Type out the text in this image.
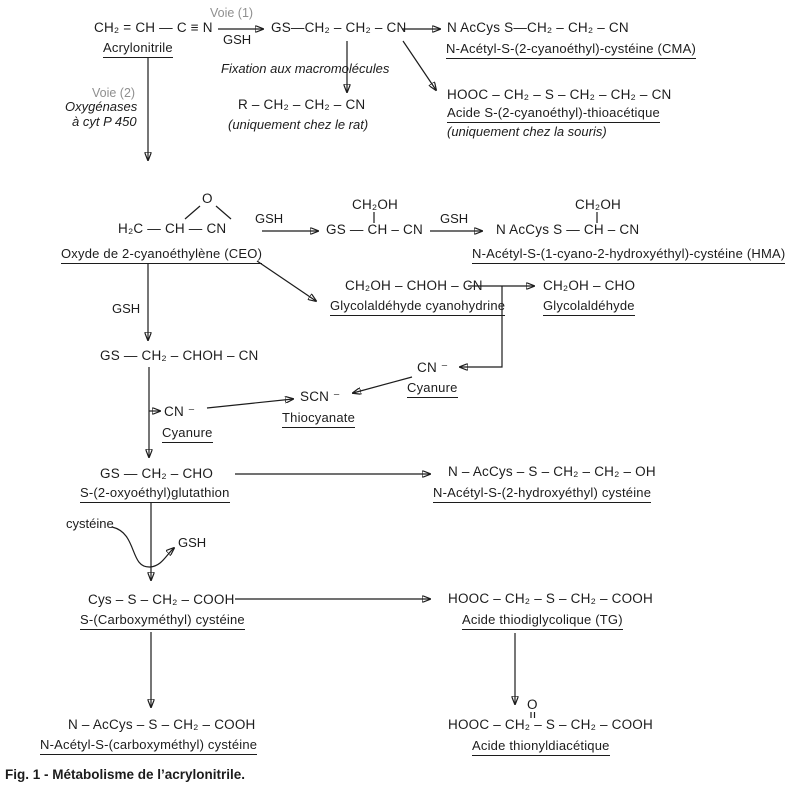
Voie (1)
CH₂ = CH — C ≡ N
GSH
Acrylonitrile
GS—CH₂ – CH₂ – CN	N AcCys S—CH₂ – CH₂ – CN
N-Acétyl-S-(2-cyanoéthyl)-cystéine (CMA)
Fixation aux macromolécules
HOOC – CH₂ – S – CH₂ – CH₂ – CN
Acide S-(2-cyanoéthyl)-thioacétique
(uniquement chez la souris)
Voie (2)
Oxygénases
à cyt P 450
R – CH₂ – CH₂ – CN
(uniquement chez le rat)
O
H₂C — CH — CN
Oxyde de 2-cyanoéthylène (CEO)
GSH
CH₂OH
GS — CH – CN
GSH
CH₂OH
N AcCys S — CH – CN
N-Acétyl-S-(1-cyano-2-hydroxyéthyl)-cystéine (HMA)
CH₂OH – CHOH – CN
Glycolaldéhyde cyanohydrine
CH₂OH – CHO
Glycolaldéhyde
GSH
GS — CH₂ – CHOH – CN
CN ⁻
Cyanure
SCN ⁻
Thiocyanate
CN ⁻
Cyanure
GS — CH₂ – CHO
S-(2-oxyoéthyl)glutathion
N – AcCys – S – CH₂ – CH₂ – OH
N-Acétyl-S-(2-hydroxyéthyl) cystéine
cystéine
GSH
Cys – S – CH₂ – COOH
S-(Carboxyméthyl) cystéine
HOOC – CH₂ – S – CH₂ – COOH
Acide thiodiglycolique (TG)
N – AcCys – S – CH₂ – COOH
N-Acétyl-S-(carboxyméthyl) cystéine
O
HOOC – CH₂ – S – CH₂ – COOH
Acide thionyldiacétique
Fig. 1 - Métabolisme de l’acrylonitrile.
